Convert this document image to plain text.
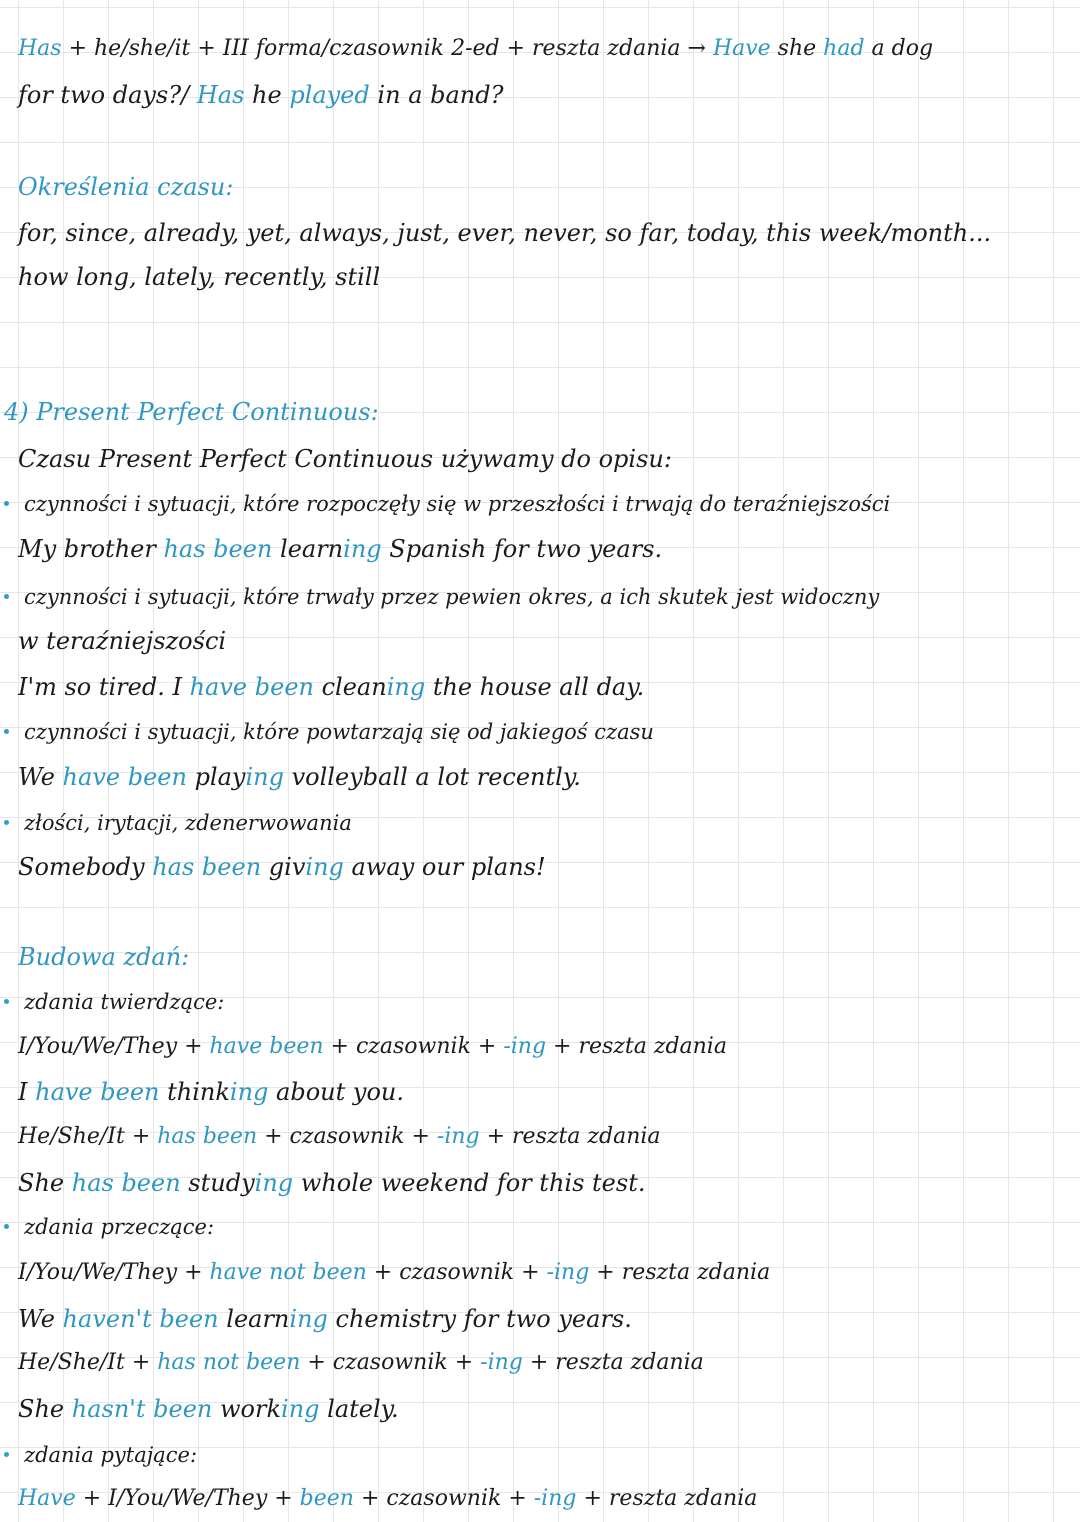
Has + he/she/it + III forma/czasownik 2-ed + reszta zdania → Have she had a dog
for two days?/ Has he played in a band?
Określenia czasu:
for, since, already, yet, always, just, ever, never, so far, today, this week/month...
how long, lately, recently, still
4) Present Perfect Continuous:
Czasu Present Perfect Continuous używamy do opisu:
czynności i sytuacji, które rozpoczęły się w przeszłości i trwają do teraźniejszości
My brother has been learning Spanish for two years.
czynności i sytuacji, które trwały przez pewien okres, a ich skutek jest widoczny
w teraźniejszości
I'm so tired. I have been cleaning the house all day.
czynności i sytuacji, które powtarzają się od jakiegoś czasu
We have been playing volleyball a lot recently.
złości, irytacji, zdenerwowania
Somebody has been giving away our plans!
Budowa zdań:
zdania twierdzące:
I/You/We/They + have been + czasownik + -ing + reszta zdania
I have been thinking about you.
He/She/It + has been + czasownik + -ing + reszta zdania
She has been studying whole weekend for this test.
zdania przeczące:
I/You/We/They + have not been + czasownik + -ing + reszta zdania
We haven't been learning chemistry for two years.
He/She/It + has not been + czasownik + -ing + reszta zdania
She hasn't been working lately.
zdania pytające:
Have + I/You/We/They + been + czasownik + -ing + reszta zdania
